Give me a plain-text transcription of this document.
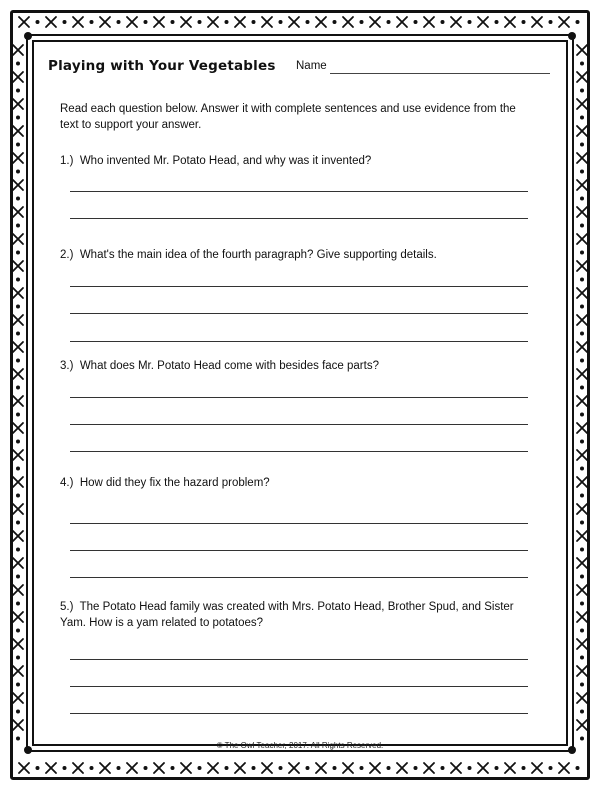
Playing with Your Vegetables Name
Read each question below. Answer it with complete sentences and use evidence from the text to support your answer.
1.) Who invented Mr. Potato Head, and why was it invented?
2.) What's the main idea of the fourth paragraph? Give supporting details.
3.) What does Mr. Potato Head come with besides face parts?
4.) How did they fix the hazard problem?
5.) The Potato Head family was created with Mrs. Potato Head, Brother Spud, and Sister Yam. How is a yam related to potatoes?
© The Owl Teacher, 2017. All Rights Reserved.
